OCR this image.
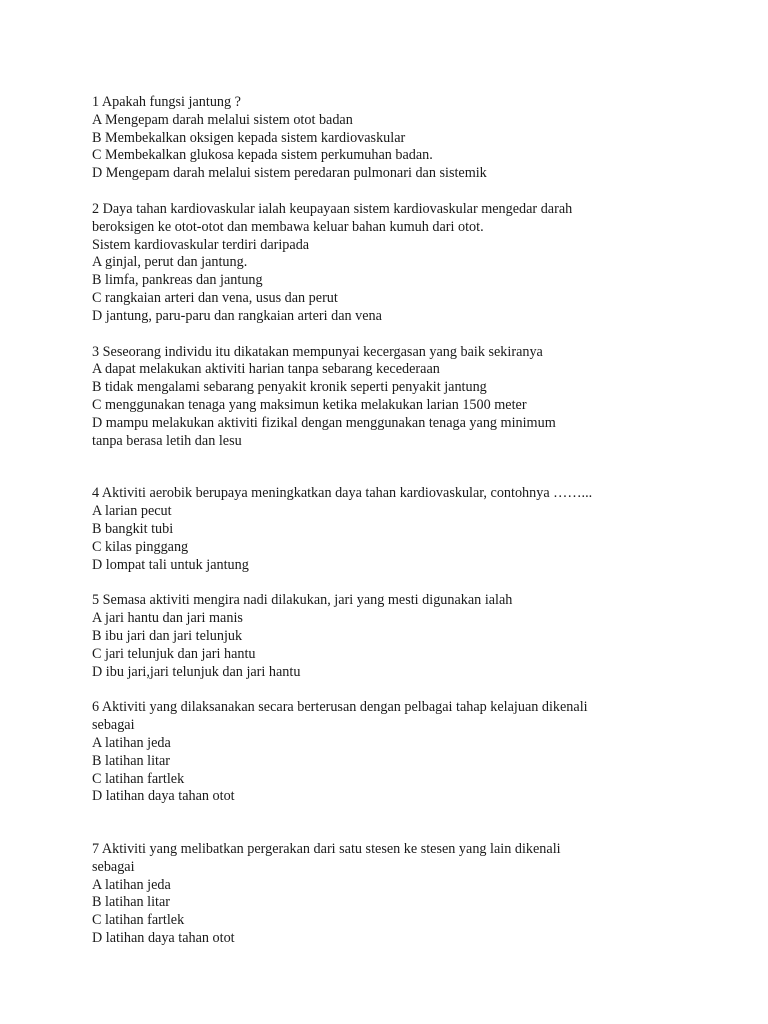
1 Apakah fungsi jantung ?
A Mengepam darah melalui sistem otot badan
B Membekalkan oksigen kepada sistem kardiovaskular
C Membekalkan glukosa kepada sistem perkumuhan badan.
D Mengepam darah melalui sistem peredaran pulmonari dan sistemik
2 Daya tahan kardiovaskular ialah keupayaan sistem kardiovaskular mengedar darah
beroksigen ke otot-otot dan membawa keluar bahan kumuh dari otot.
Sistem kardiovaskular terdiri daripada
A ginjal, perut dan jantung.
B limfa, pankreas dan jantung
C rangkaian arteri dan vena, usus dan perut
D jantung, paru-paru dan rangkaian arteri dan vena
3 Seseorang individu itu dikatakan mempunyai kecergasan yang baik sekiranya
A dapat melakukan aktiviti harian tanpa sebarang kecederaan
B tidak mengalami sebarang penyakit kronik seperti penyakit jantung
C menggunakan tenaga yang maksimun ketika melakukan larian 1500 meter
D mampu melakukan aktiviti fizikal dengan menggunakan tenaga yang minimum
tanpa berasa letih dan lesu
4 Aktiviti aerobik berupaya meningkatkan daya tahan kardiovaskular, contohnya ……...
A larian pecut
B bangkit tubi
C kilas pinggang
D lompat tali untuk jantung
5 Semasa aktiviti mengira nadi dilakukan, jari yang mesti digunakan ialah
A jari hantu dan jari manis
B ibu jari dan jari telunjuk
C jari telunjuk dan jari hantu
D ibu jari,jari telunjuk dan jari hantu
6 Aktiviti yang dilaksanakan secara berterusan dengan pelbagai tahap kelajuan dikenali
sebagai
A latihan jeda
B latihan litar
C latihan fartlek
D latihan daya tahan otot
7 Aktiviti yang melibatkan pergerakan dari satu stesen ke stesen yang lain dikenali
sebagai
A latihan jeda
B latihan litar
C latihan fartlek
D latihan daya tahan otot
